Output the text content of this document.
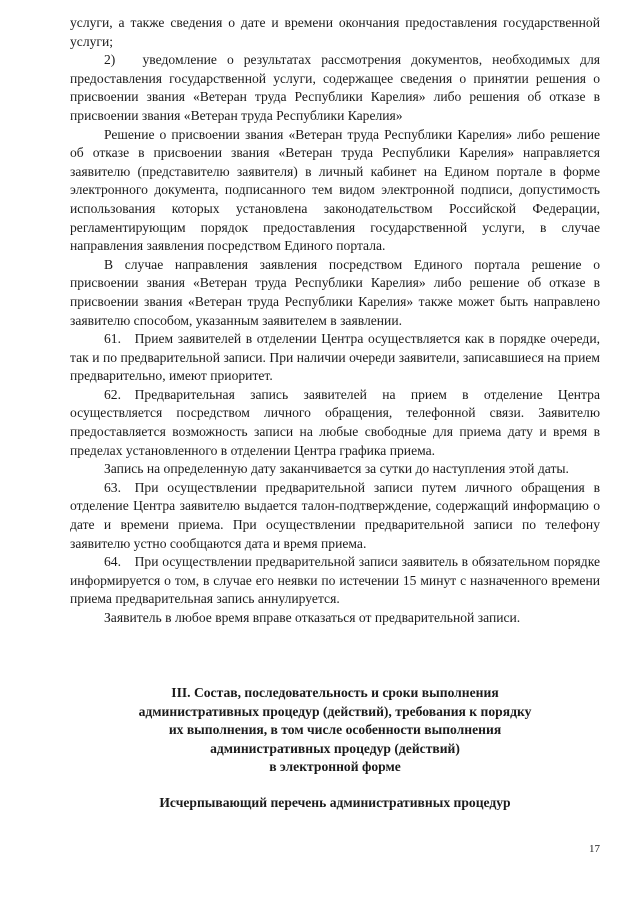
услуги, а также сведения о дате и времени окончания предоставления государственной услуги;

2)  уведомление о результатах рассмотрения документов, необходимых для предоставления государственной услуги, содержащее сведения о принятии решения о присвоении звания «Ветеран труда Республики Карелия» либо решения об отказе в присвоении звания «Ветеран труда Республики Карелия»

Решение о присвоении звания «Ветеран труда Республики Карелия» либо решение об отказе в присвоении звания «Ветеран труда Республики Карелия» направляется заявителю (представителю заявителя) в личный кабинет на Едином портале в форме электронного документа, подписанного тем видом электронной подписи, допустимость использования которых установлена законодательством Российской Федерации, регламентирующим порядок предоставления государственной услуги, в случае направления заявления посредством Единого портала.

В случае направления заявления посредством Единого портала решение о присвоении звания «Ветеран труда Республики Карелия» либо решение об отказе в присвоении звания «Ветеран труда Республики Карелия» также может быть направлено заявителю способом, указанным заявителем в заявлении.

61. Прием заявителей в отделении Центра осуществляется как в порядке очереди, так и по предварительной записи. При наличии очереди заявители, записавшиеся на прием предварительно, имеют приоритет.

62. Предварительная запись заявителей на прием в отделение Центра осуществляется посредством личного обращения, телефонной связи. Заявителю предоставляется возможность записи на любые свободные для приема дату и время в пределах установленного в отделении Центра графика приема.

Запись на определенную дату заканчивается за сутки до наступления этой даты.

63. При осуществлении предварительной записи путем личного обращения в отделение Центра заявителю выдается талон-подтверждение, содержащий информацию о дате и времени приема. При осуществлении предварительной записи по телефону заявителю устно сообщаются дата и время приема.

64. При осуществлении предварительной записи заявитель в обязательном порядке информируется о том, в случае его неявки по истечении 15 минут с назначенного времени приема предварительная запись аннулируется.

Заявитель в любое время вправе отказаться от предварительной записи.

III. Состав, последовательность и сроки выполнения
административных процедур (действий), требования к порядку
их выполнения, в том числе особенности выполнения
административных процедур (действий)
в электронной форме
Исчерпывающий перечень административных процедур
17
